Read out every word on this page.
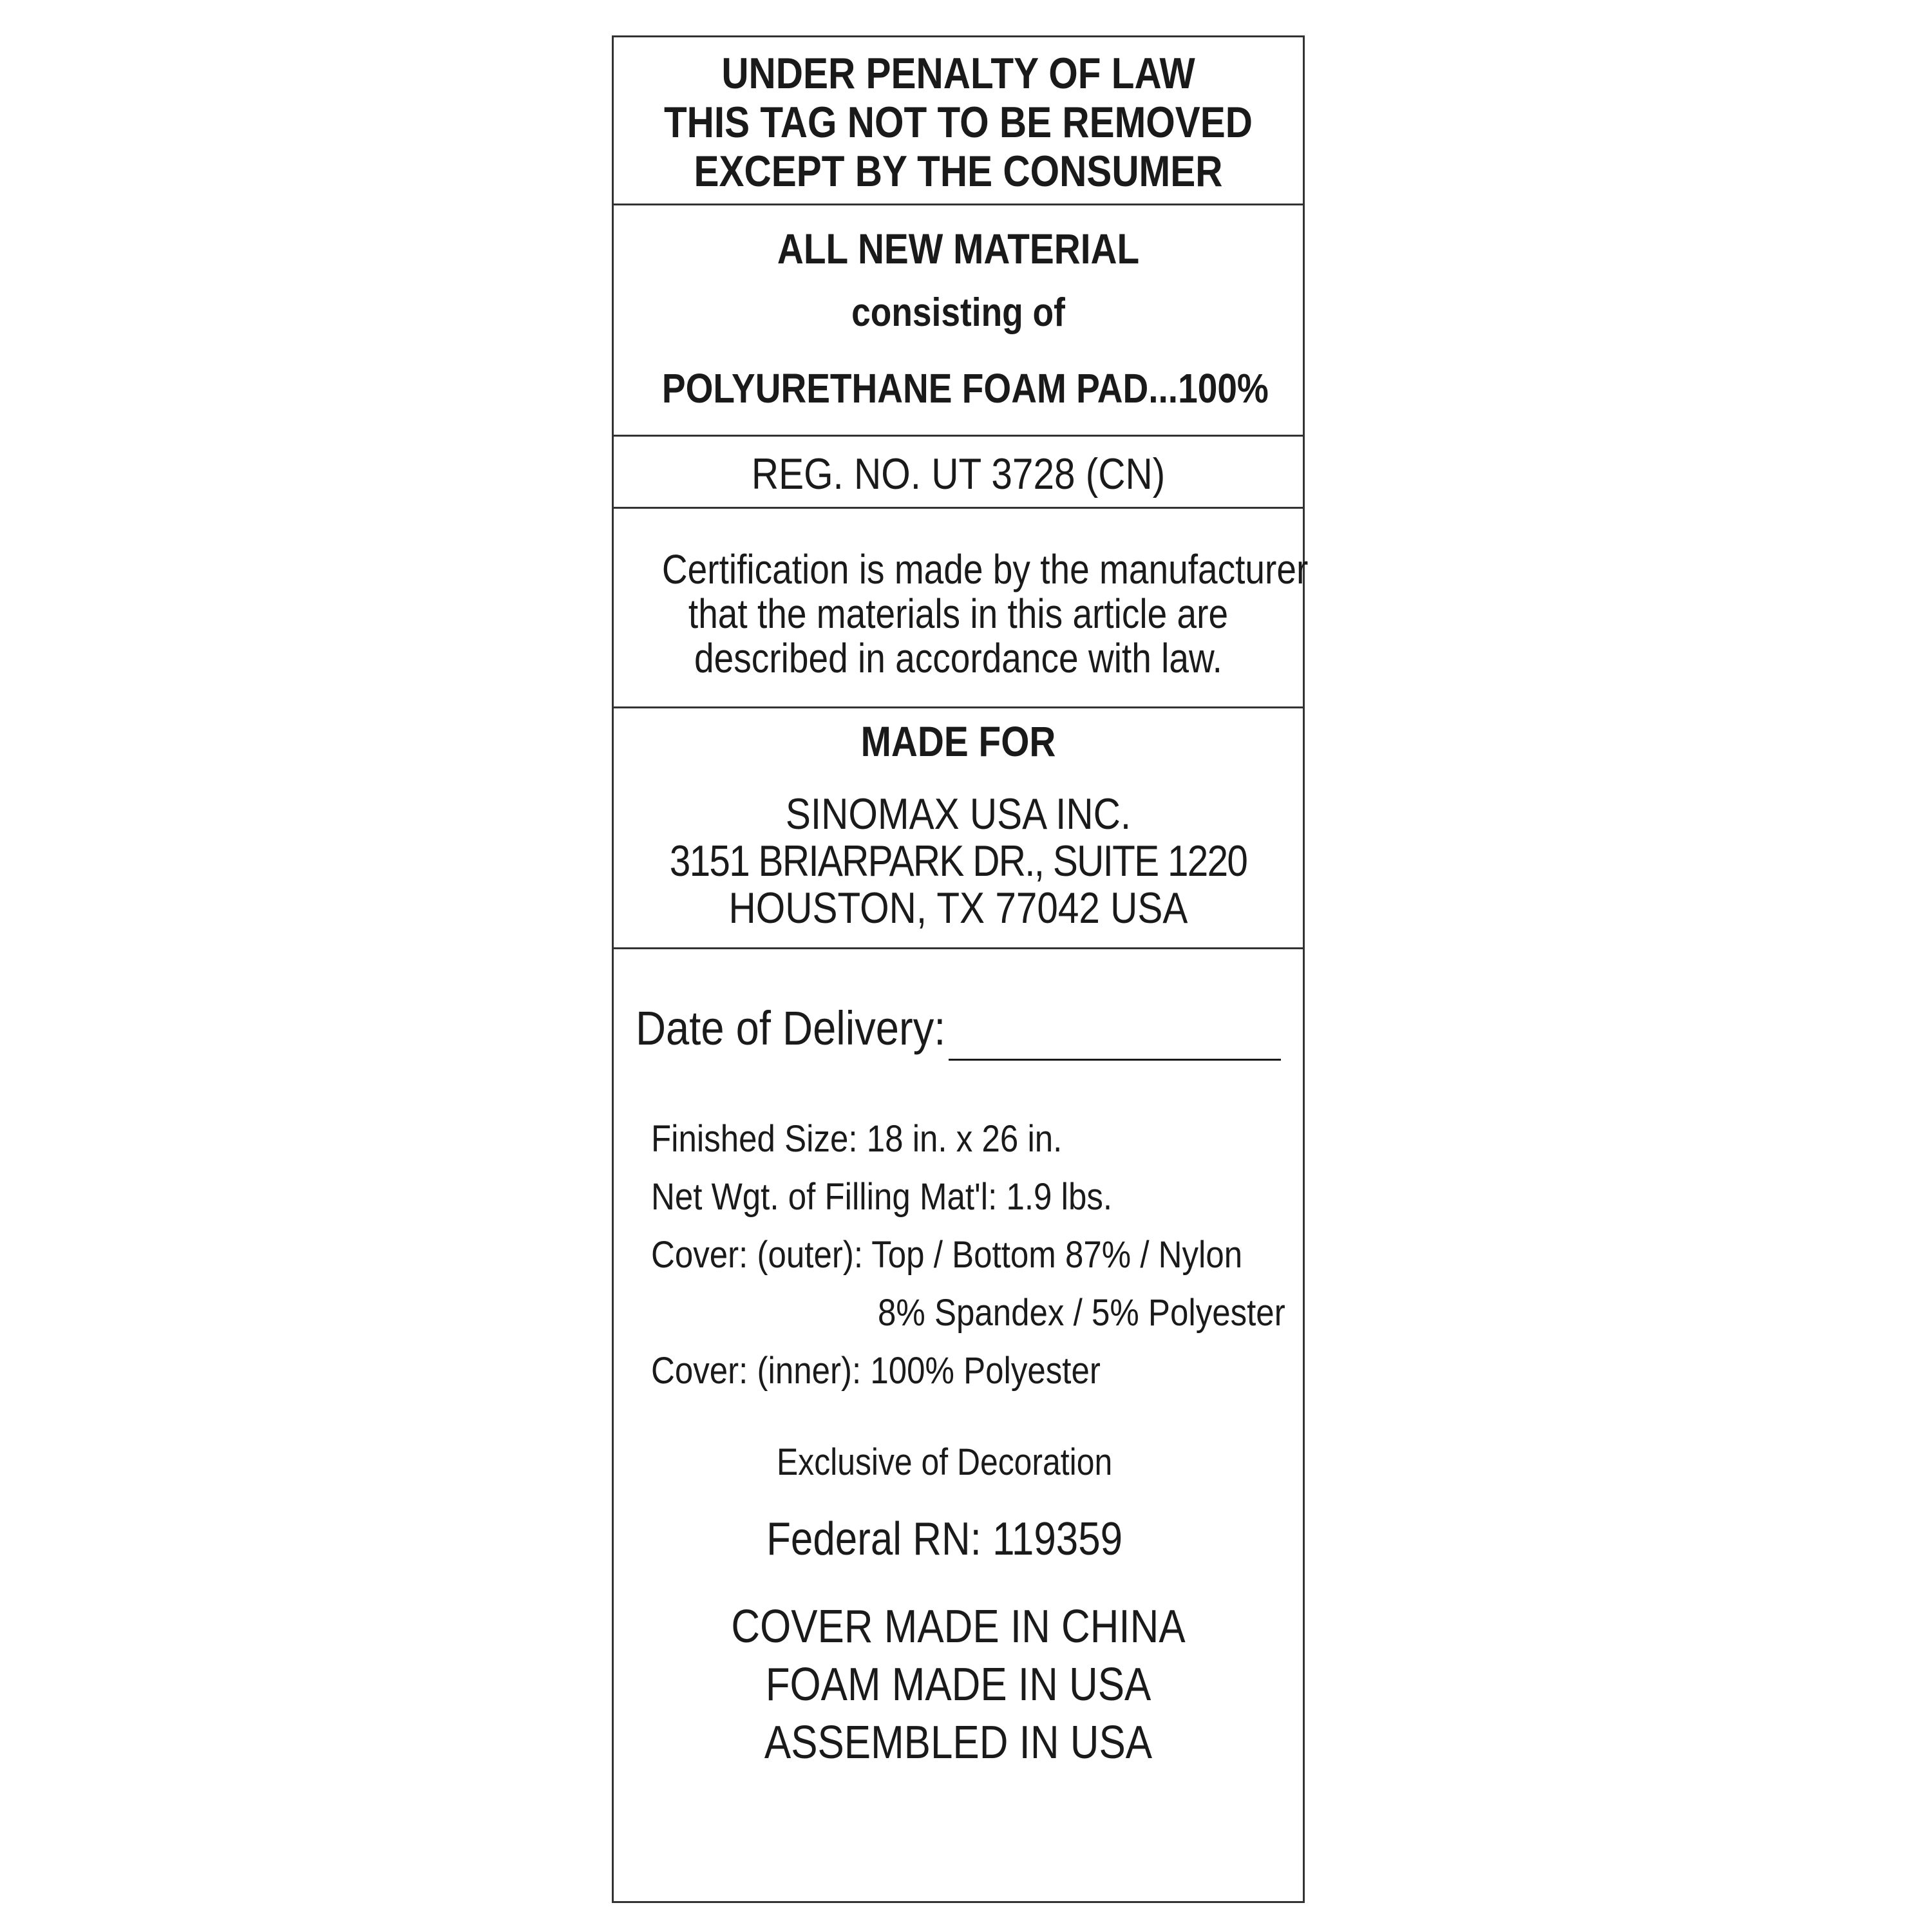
UNDER PENALTY OF LAW
THIS TAG NOT TO BE REMOVED
EXCEPT BY THE CONSUMER
ALL NEW MATERIAL
consisting of
POLYURETHANE FOAM PAD...100%
REG. NO. UT 3728 (CN)
Certification is made by the manufacturer
that the materials in this article are
described in accordance with law.
MADE FOR
SINOMAX USA INC.
3151 BRIARPARK DR., SUITE 1220
HOUSTON, TX 77042 USA
Date of Delivery:
Finished Size: 18 in. x 26 in.
Net Wgt. of Filling Mat'l: 1.9 lbs.
Cover: (outer): Top / Bottom 87% / Nylon
8% Spandex / 5% Polyester
Cover: (inner): 100% Polyester
Exclusive of Decoration
Federal RN: 119359
COVER MADE IN CHINA
FOAM MADE IN USA
ASSEMBLED IN USA
